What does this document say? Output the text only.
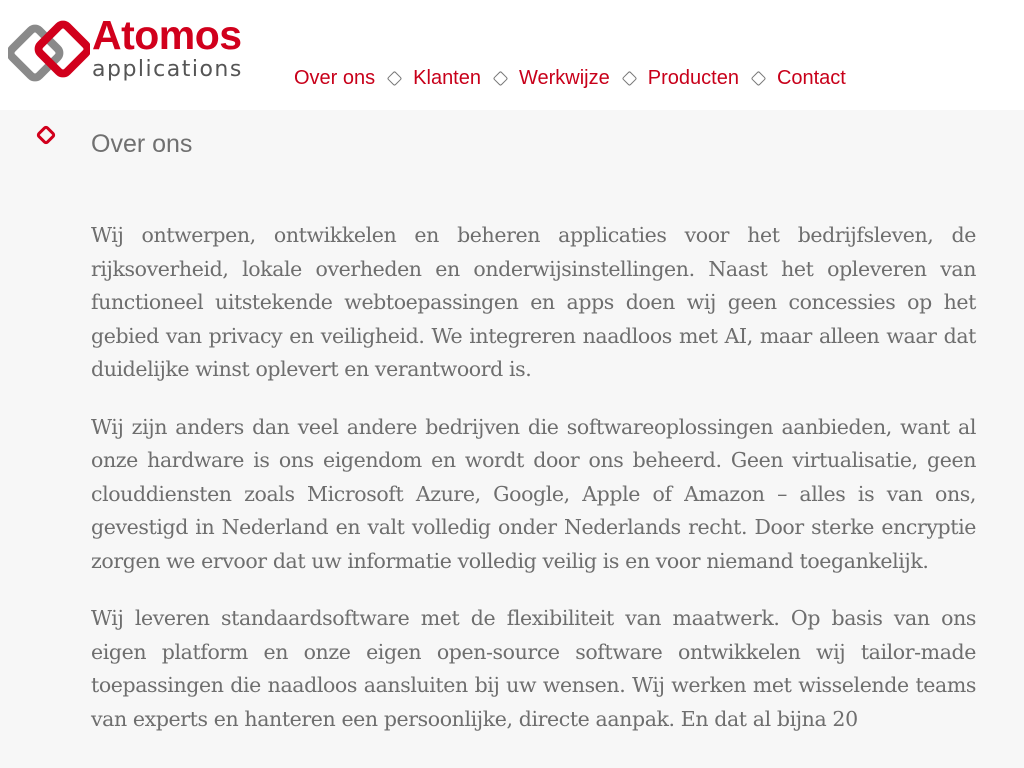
Atomos
applications	Over ons Klanten Werkwijze Producten Contact
Over ons

Wij ontwerpen, ontwikkelen en beheren applicaties voor het bedrijfsleven, de rijksoverheid, lokale overheden en onderwijsinstellingen. Naast het opleveren van functioneel uitstekende webtoepassingen en apps doen wij geen concessies op het gebied van privacy en veiligheid. We integreren naadloos met AI, maar alleen waar dat duidelijke winst oplevert en verantwoord is.

Wij zijn anders dan veel andere bedrijven die softwareoplossingen aanbieden, want al onze hardware is ons eigendom en wordt door ons beheerd. Geen virtualisatie, geen clouddiensten zoals Microsoft Azure, Google, Apple of Amazon – alles is van ons, gevestigd in Nederland en valt volledig onder Nederlands recht. Door sterke encryptie zorgen we ervoor dat uw informatie volledig veilig is en voor niemand toegankelijk.

Wij leveren standaardsoftware met de flexibiliteit van maatwerk. Op basis van ons eigen platform en onze eigen open-source software ontwikkelen wij tailor-made toepassingen die naadloos aansluiten bij uw wensen. Wij werken met wisselende teams van experts en hanteren een persoonlijke, directe aanpak. En dat al bijna 20
